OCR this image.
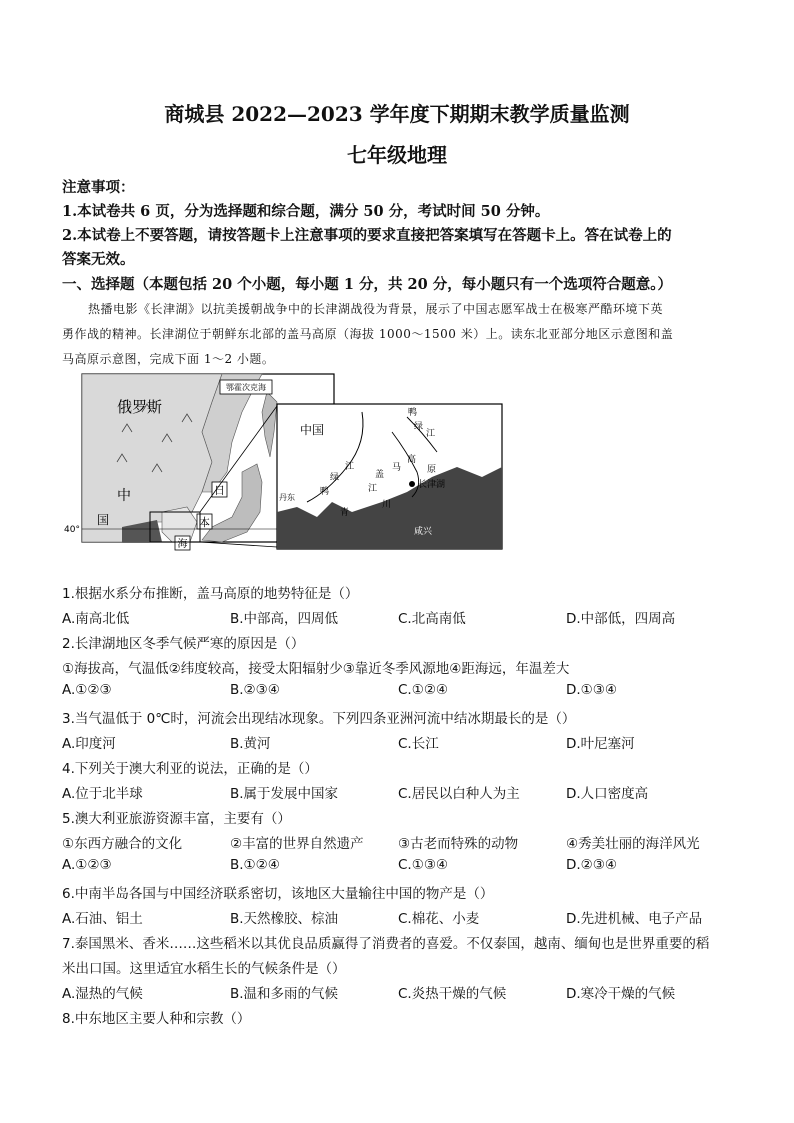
商城县 2022—2023 学年度下期期末教学质量监测
七年级地理
注意事项：
1.本试卷共 6 页，分为选择题和综合题，满分 50 分，考试时间 50 分钟。
2.本试卷上不要答题，请按答题卡上注意事项的要求直接把答案填写在答题卡上。答在试卷上的
答案无效。
一、选择题（本题包括 20 个小题，每小题 1 分，共 20 分，每小题只有一个选项符合题意。）
热播电影《长津湖》以抗美援朝战争中的长津湖战役为背景，展示了中国志愿军战士在极寒严酷环境下英
勇作战的精神。长津湖位于朝鲜东北部的盖马高原（海拔 1000～1500 米）上。读东北亚部分地区示意图和盖
马高原示意图，完成下面 1～2 小题。
鄂霍次克海
俄罗斯
中
国
日
本
海
40°
中国
鸭
绿
江
江
绿
鸭
盖
马
高
原
江	长津湖
丹东
青
川
咸兴
1.根据水系分布推断，盖马高原的地势特征是（）
A.南高北低	B.中部高，四周低	C.北高南低	D.中部低，四周高
2.长津湖地区冬季气候严寒的原因是（）
①海拔高，气温低②纬度较高，接受太阳辐射少③靠近冬季风源地④距海远，年温差大
A.①②③	B.②③④	C.①②④	D.①③④
3.当气温低于 0℃时，河流会出现结冰现象。下列四条亚洲河流中结冰期最长的是（）
A.印度河	B.黄河	C.长江	D.叶尼塞河
4.下列关于澳大利亚的说法，正确的是（）
A.位于北半球	B.属于发展中国家	C.居民以白种人为主	D.人口密度高
5.澳大利亚旅游资源丰富，主要有（）
①东西方融合的文化	②丰富的世界自然遗产	③古老而特殊的动物	④秀美壮丽的海洋风光
A.①②③	B.①②④	C.①③④	D.②③④
6.中南半岛各国与中国经济联系密切，该地区大量输往中国的物产是（）
A.石油、铝土	B.天然橡胶、棕油	C.棉花、小麦	D.先进机械、电子产品
7.泰国黑米、香米……这些稻米以其优良品质赢得了消费者的喜爱。不仅泰国，越南、缅甸也是世界重要的稻
米出口国。这里适宜水稻生长的气候条件是（）
A.湿热的气候	B.温和多雨的气候	C.炎热干燥的气候	D.寒冷干燥的气候
8.中东地区主要人种和宗教（）
